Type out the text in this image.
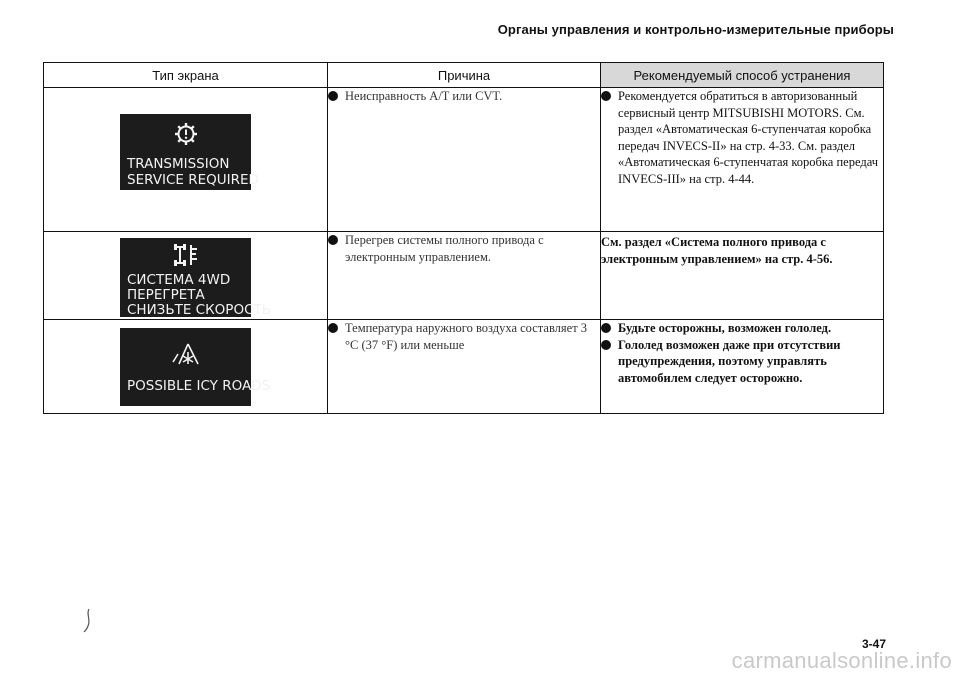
Органы управления и контрольно-измерительные приборы
Тип экрана	Причина	Рекомендуемый способ устранения

TRANSMISSION
SERVICE REQUIRED	Неисправность A/T или CVT.	Рекомендуется обратиться в авторизованный сервисный центр MITSUBISHI MOTORS. См. раздел «Автоматическая 6-ступенчатая коробка передач INVECS-II» на стр. 4-33. См. раздел «Автоматическая 6-ступенчатая коробка передач INVECS-III» на стр. 4-44.

СИСТЕМА 4WD
ПЕРЕГРЕТА
СНИЗЬТЕ СКОРОСТЬ	Перегрев системы полного привода с электронным управлением.	См. раздел «Система полного привода с электронным управлением» на стр. 4-56.

POSSIBLE ICY ROADS	Температура наружного воздуха составляет 3 °C (37 °F) или меньше	Будьте осторожны, возможен гололед.
Гололед возможен даже при отсутствии предупреждения, поэтому управлять автомобилем следует осторожно.
3-47
carmanualsonline.info
